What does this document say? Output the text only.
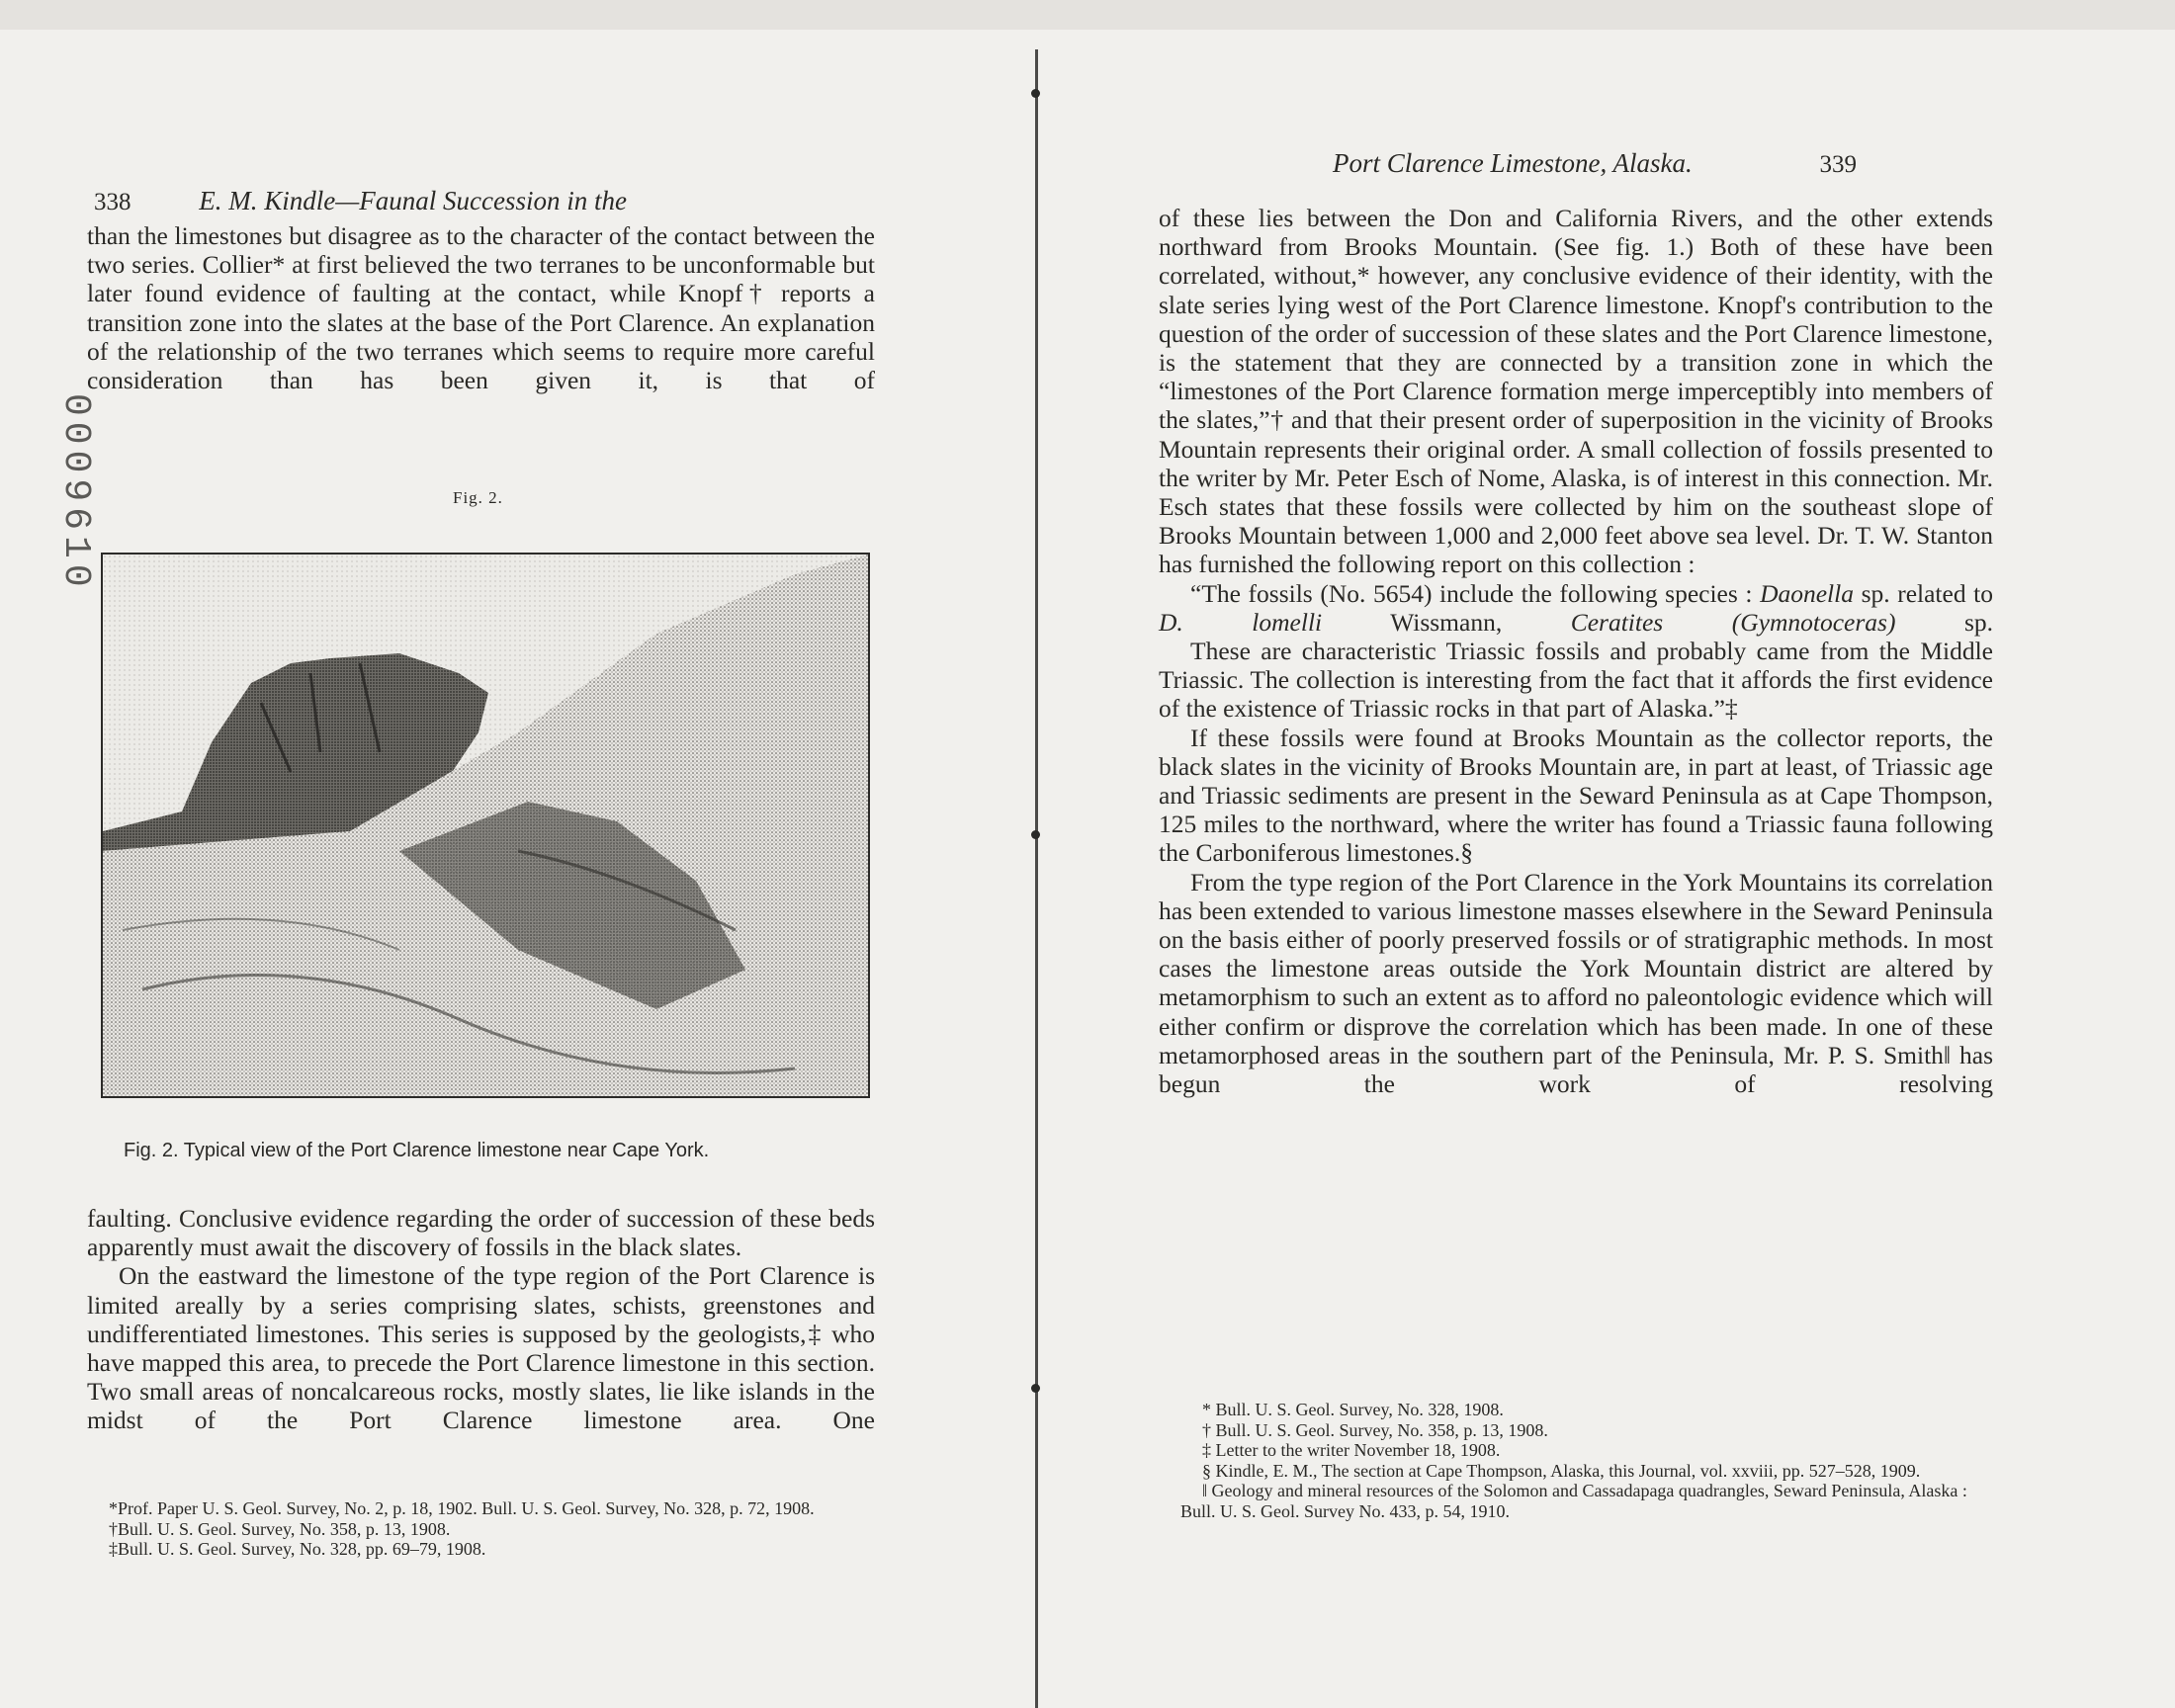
0009610
338	E. M. Kindle—Faunal Succession in the

than the limestones but disagree as to the character of the contact between the two series. Collier* at first believed the two terranes to be unconformable but later found evidence of faulting at the contact, while Knopf† reports a transition zone into the slates at the base of the Port Clarence. An explanation of the relationship of the two terranes which seems to require more careful consideration than has been given it, is that of

Fig. 2.
Fig. 2. Typical view of the Port Clarence limestone near Cape York.

faulting. Conclusive evidence regarding the order of succession of these beds apparently must await the discovery of fossils in the black slates.

On the eastward the limestone of the type region of the Port Clarence is limited areally by a series comprising slates, schists, greenstones and undifferentiated limestones. This series is supposed by the geologists,‡ who have mapped this area, to precede the Port Clarence limestone in this section. Two small areas of noncalcareous rocks, mostly slates, lie like islands in the midst of the Port Clarence limestone area. One

*Prof. Paper U. S. Geol. Survey, No. 2, p. 18, 1902. Bull. U. S. Geol. Survey, No. 328, p. 72, 1908.

†Bull. U. S. Geol. Survey, No. 358, p. 13, 1908.

‡Bull. U. S. Geol. Survey, No. 328, pp. 69–79, 1908.

Port Clarence Limestone, Alaska.	339

of these lies between the Don and California Rivers, and the other extends northward from Brooks Mountain. (See fig. 1.) Both of these have been correlated, without,* however, any conclusive evidence of their identity, with the slate series lying west of the Port Clarence limestone. Knopf's contribution to the question of the order of succession of these slates and the Port Clarence limestone, is the statement that they are connected by a transition zone in which the “limestones of the Port Clarence formation merge imperceptibly into members of the slates,”† and that their present order of superposition in the vicinity of Brooks Mountain represents their original order. A small collection of fossils presented to the writer by Mr. Peter Esch of Nome, Alaska, is of interest in this connection. Mr. Esch states that these fossils were collected by him on the southeast slope of Brooks Mountain between 1,000 and 2,000 feet above sea level. Dr. T. W. Stanton has furnished the following report on this collection :

“The fossils (No. 5654) include the following species : Daonella sp. related to D. lomelli	Wissmann,	Ceratites	(Gymnotoceras)	sp.

These are characteristic Triassic fossils and probably came from the Middle Triassic. The collection is interesting from the fact that it affords the first evidence of the existence of Triassic rocks in that part of Alaska.”‡

If these fossils were found at Brooks Mountain as the collector reports, the black slates in the vicinity of Brooks Mountain are, in part at least, of Triassic age and Triassic sediments are present in the Seward Peninsula as at Cape Thompson, 125 miles to the northward, where the writer has found a Triassic fauna following the Carboniferous limestones.§

From the type region of the Port Clarence in the York Mountains its correlation has been extended to various limestone masses elsewhere in the Seward Peninsula on the basis either of poorly preserved fossils or of stratigraphic methods. In most cases the limestone areas outside the York Mountain district are altered by metamorphism to such an extent as to afford no paleontologic evidence which will either confirm or disprove the correlation which has been made. In one of these metamorphosed areas in the southern part of the Peninsula, Mr. P. S. Smith‖ has begun the work of resolving

* Bull. U. S. Geol. Survey, No. 328, 1908.

† Bull. U. S. Geol. Survey, No. 358, p. 13, 1908.

‡ Letter to the writer November 18, 1908.

§ Kindle, E. M., The section at Cape Thompson, Alaska, this Journal, vol. xxviii, pp. 527–528, 1909.

‖ Geology and mineral resources of the Solomon and Cassadapaga quadrangles, Seward Peninsula, Alaska : Bull. U. S. Geol. Survey No. 433, p. 54, 1910.
